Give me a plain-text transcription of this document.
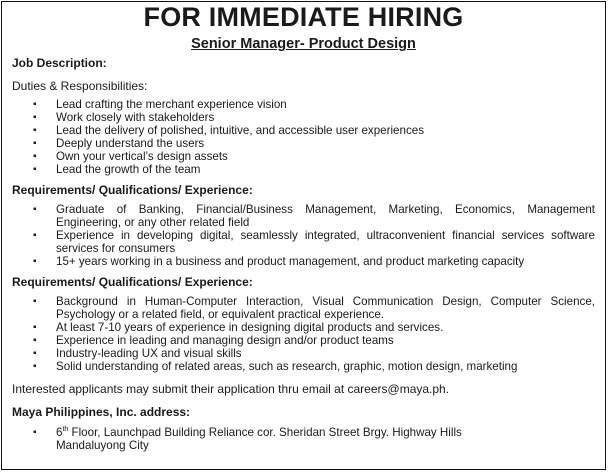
FOR IMMEDIATE HIRING
Senior Manager- Product Design
Job Description:
Duties & Responsibilities:
▪ Lead crafting the merchant experience vision
▪ Work closely with stakeholders
▪ Lead the delivery of polished, intuitive, and accessible user experiences
▪ Deeply understand the users
▪ Own your vertical’s design assets
▪ Lead the growth of the team
Requirements/ Qualifications/ Experience:
▪ Graduate of Banking, Financial/Business Management, Marketing, Economics, Management Engineering, or any other related field
▪ Experience in developing digital, seamlessly integrated, ultraconvenient financial services software services for consumers
▪ 15+ years working in a business and product management, and product marketing capacity
Requirements/ Qualifications/ Experience:
▪ Background in Human-Computer Interaction, Visual Communication Design, Computer Science, Psychology or a related field, or equivalent practical experience.
▪ At least 7-10 years of experience in designing digital products and services.
▪ Experience in leading and managing design and/or product teams
▪ Industry-leading UX and visual skills
▪ Solid understanding of related areas, such as research, graphic, motion design, marketing
Interested applicants may submit their application thru email at careers@maya.ph.
Maya Philippines, Inc. address:
▪ 6th Floor, Launchpad Building Reliance cor. Sheridan Street Brgy. Highway Hills
Mandaluyong City
